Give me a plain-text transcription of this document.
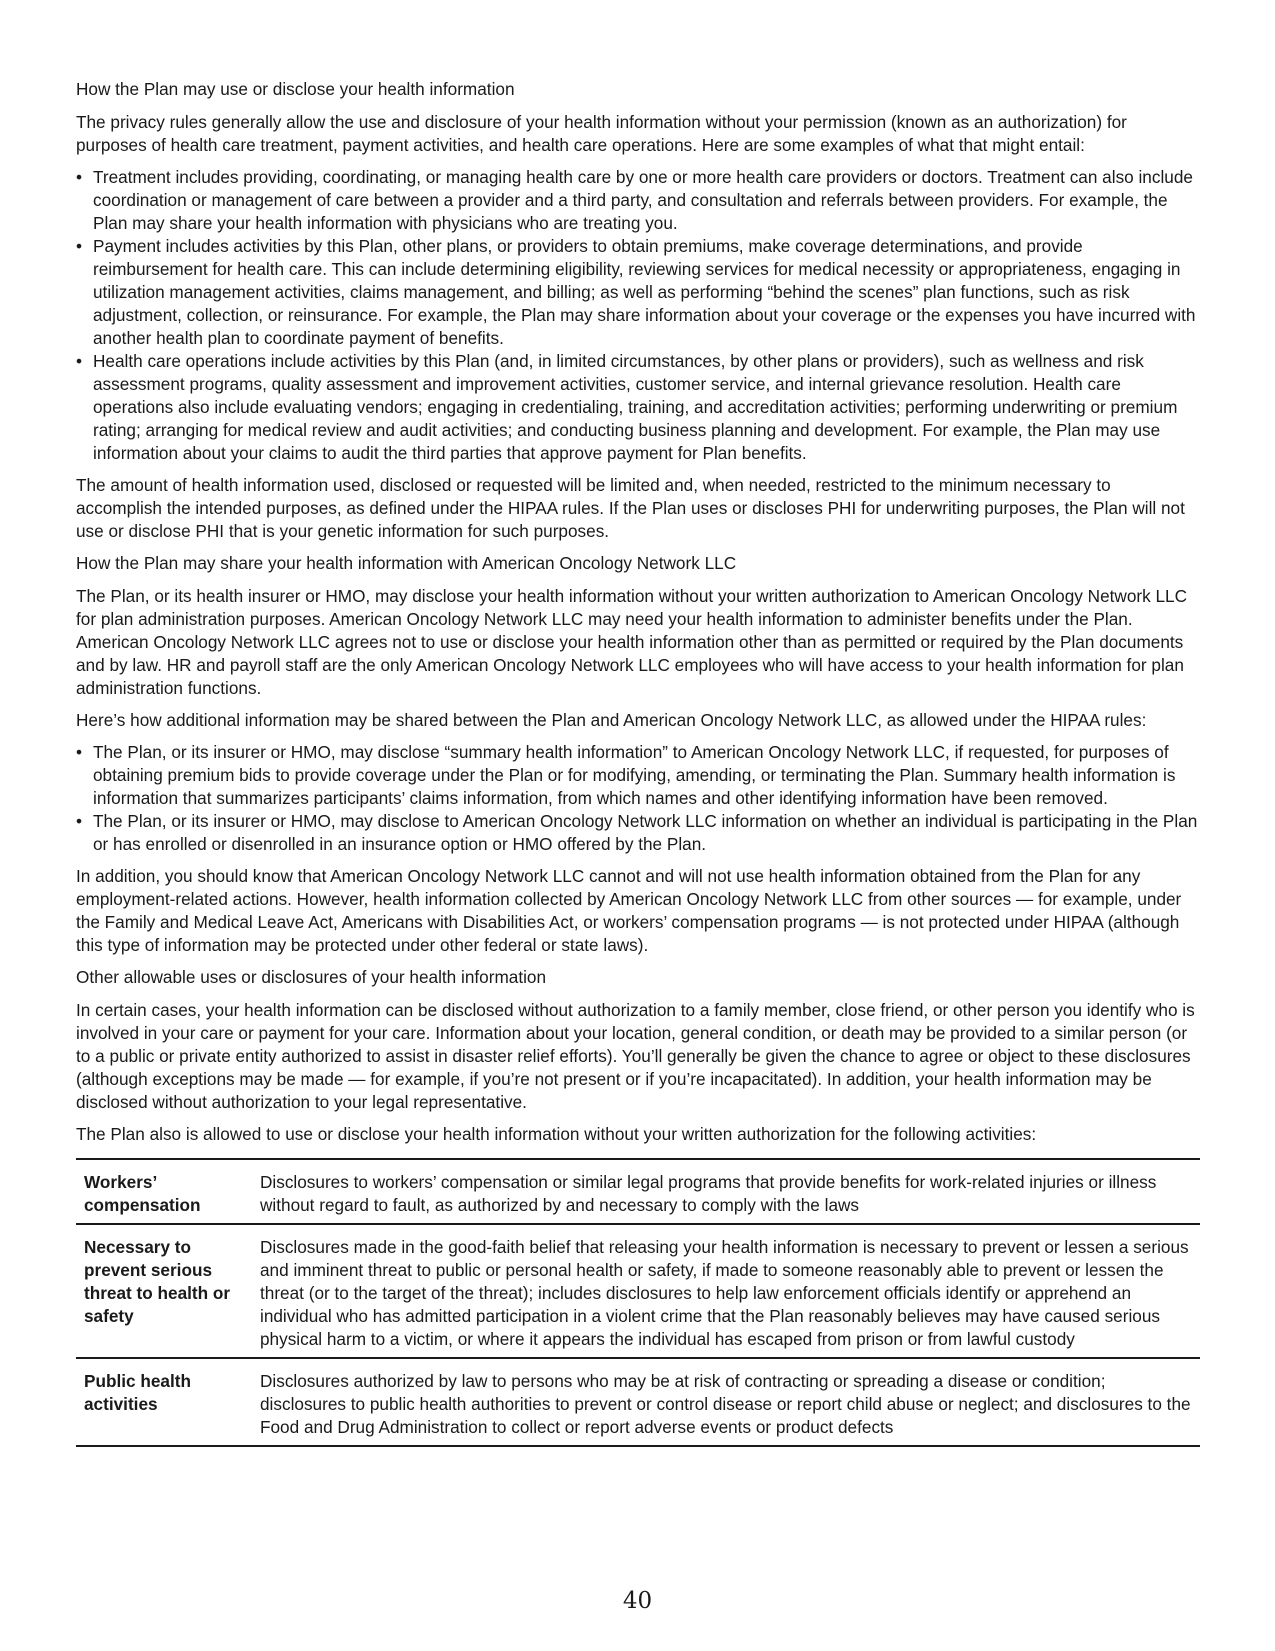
How the Plan may use or disclose your health information

The privacy rules generally allow the use and disclosure of your health information without your permission (known as an authorization) for purposes of health care treatment, payment activities, and health care operations. Here are some examples of what that might entail:

• Treatment includes providing, coordinating, or managing health care by one or more health care providers or doctors. Treatment can also include coordination or management of care between a provider and a third party, and consultation and referrals between providers. For example, the Plan may share your health information with physicians who are treating you.
• Payment includes activities by this Plan, other plans, or providers to obtain premiums, make coverage determinations, and provide reimbursement for health care. This can include determining eligibility, reviewing services for medical necessity or appropriateness, engaging in utilization management activities, claims management, and billing; as well as performing “behind the scenes” plan functions, such as risk adjustment, collection, or reinsurance. For example, the Plan may share information about your coverage or the expenses you have incurred with another health plan to coordinate payment of benefits.
• Health care operations include activities by this Plan (and, in limited circumstances, by other plans or providers), such as wellness and risk assessment programs, quality assessment and improvement activities, customer service, and internal grievance resolution. Health care operations also include evaluating vendors; engaging in credentialing, training, and accreditation activities; performing underwriting or premium rating; arranging for medical review and audit activities; and conducting business planning and development. For example, the Plan may use information about your claims to audit the third parties that approve payment for Plan benefits.

The amount of health information used, disclosed or requested will be limited and, when needed, restricted to the minimum necessary to accomplish the intended purposes, as defined under the HIPAA rules. If the Plan uses or discloses PHI for underwriting purposes, the Plan will not use or disclose PHI that is your genetic information for such purposes.

How the Plan may share your health information with American Oncology Network LLC

The Plan, or its health insurer or HMO, may disclose your health information without your written authorization to American Oncology Network LLC for plan administration purposes. American Oncology Network LLC may need your health information to administer benefits under the Plan. American Oncology Network LLC agrees not to use or disclose your health information other than as permitted or required by the Plan documents and by law. HR and payroll staff are the only American Oncology Network LLC employees who will have access to your health information for plan administration functions.

Here’s how additional information may be shared between the Plan and American Oncology Network LLC, as allowed under the HIPAA rules:

• The Plan, or its insurer or HMO, may disclose “summary health information” to American Oncology Network LLC, if requested, for purposes of obtaining premium bids to provide coverage under the Plan or for modifying, amending, or terminating the Plan. Summary health information is information that summarizes participants’ claims information, from which names and other identifying information have been removed.
• The Plan, or its insurer or HMO, may disclose to American Oncology Network LLC information on whether an individual is participating in the Plan or has enrolled or disenrolled in an insurance option or HMO offered by the Plan.

In addition, you should know that American Oncology Network LLC cannot and will not use health information obtained from the Plan for any employment-related actions. However, health information collected by American Oncology Network LLC from other sources — for example, under the Family and Medical Leave Act, Americans with Disabilities Act, or workers’ compensation programs — is not protected under HIPAA (although this type of information may be protected under other federal or state laws).

Other allowable uses or disclosures of your health information

In certain cases, your health information can be disclosed without authorization to a family member, close friend, or other person you identify who is involved in your care or payment for your care. Information about your location, general condition, or death may be provided to a similar person (or to a public or private entity authorized to assist in disaster relief efforts). You’ll generally be given the chance to agree or object to these disclosures (although exceptions may be made — for example, if you’re not present or if you’re incapacitated). In addition, your health information may be disclosed without authorization to your legal representative.

The Plan also is allowed to use or disclose your health information without your written authorization for the following activities:

Workers’ compensation	Disclosures to workers’ compensation or similar legal programs that provide benefits for work-related injuries or illness without regard to fault, as authorized by and necessary to comply with the laws
Necessary to prevent serious threat to health or safety	Disclosures made in the good-faith belief that releasing your health information is necessary to prevent or lessen a serious and imminent threat to public or personal health or safety, if made to someone reasonably able to prevent or lessen the threat (or to the target of the threat); includes disclosures to help law enforcement officials identify or apprehend an individual who has admitted participation in a violent crime that the Plan reasonably believes may have caused serious physical harm to a victim, or where it appears the individual has escaped from prison or from lawful custody
Public health activities	Disclosures authorized by law to persons who may be at risk of contracting or spreading a disease or condition; disclosures to public health authorities to prevent or control disease or report child abuse or neglect; and disclosures to the Food and Drug Administration to collect or report adverse events or product defects
40
